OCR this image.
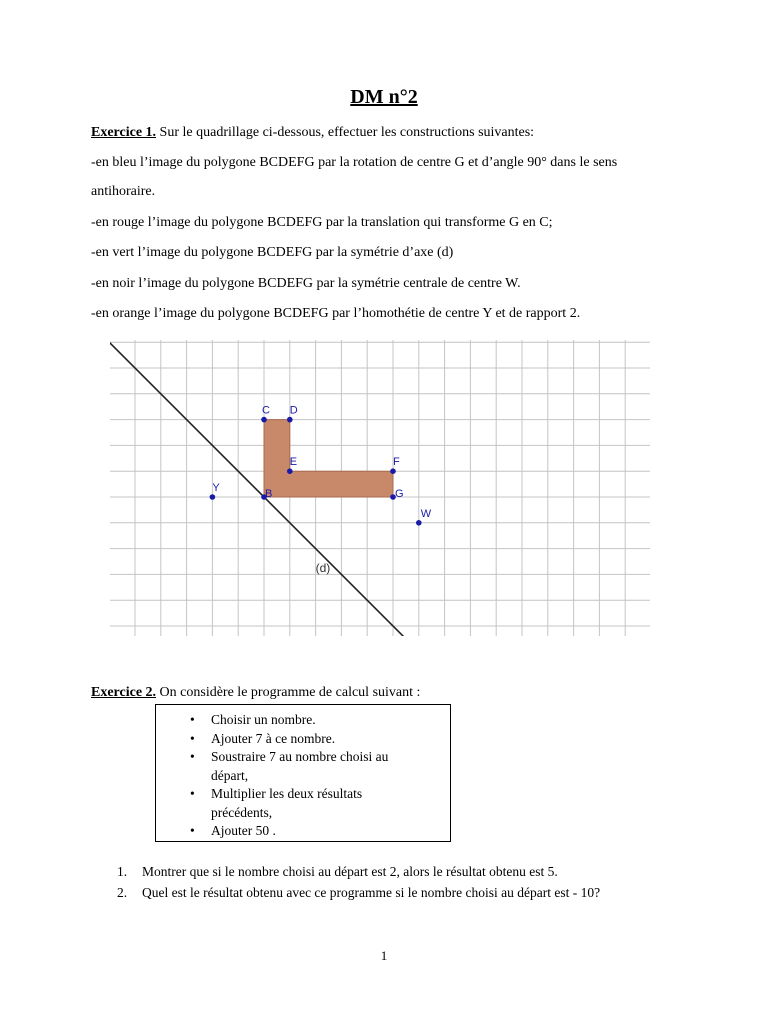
DM n°2
Exercice 1. Sur le quadrillage ci-dessous, effectuer les constructions suivantes:
-en bleu l’image du polygone BCDEFG par la rotation de centre G et d’angle 90° dans le sens
antihoraire.
-en rouge l’image du polygone BCDEFG par la translation qui transforme G en C;
-en vert l’image du polygone BCDEFG par la symétrie d’axe (d)
-en noir l’image du polygone BCDEFG par la symétrie centrale de centre W.
-en orange l’image du polygone BCDEFG par l’homothétie de centre Y et de rapport 2.
(d)
C D
E	F
G
B
Y
W
Exercice 2. On considère le programme de calcul suivant :
• Choisir un nombre.
• Ajouter 7 à ce nombre.
• Soustraire 7 au nombre choisi au
départ,
• Multiplier les deux résultats
précédents,
• Ajouter 50 .
1. Montrer que si le nombre choisi au départ est 2, alors le résultat obtenu est 5.
2. Quel est le résultat obtenu avec ce programme si le nombre choisi au départ est - 10?
1
